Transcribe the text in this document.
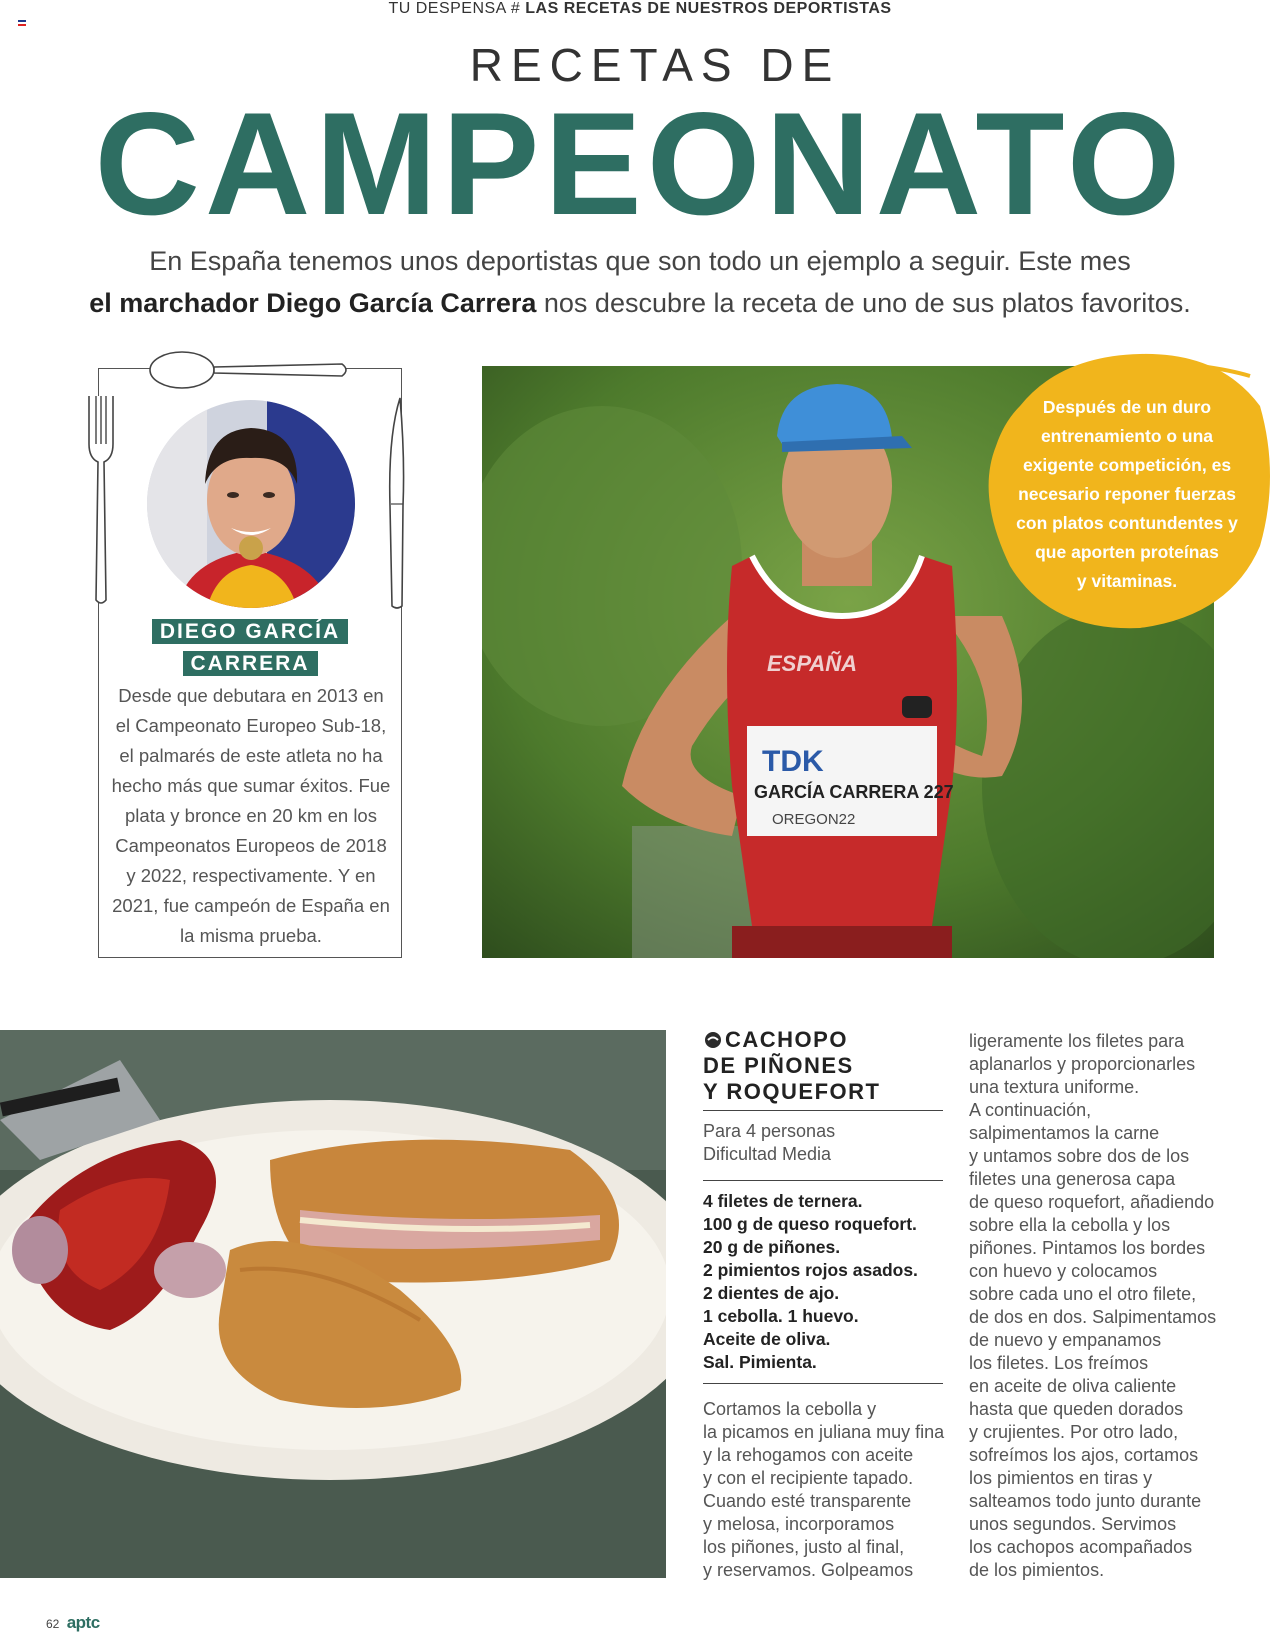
TU DESPENSA # LAS RECETAS DE NUESTROS DEPORTISTAS
RECETAS DE
CAMPEONATO
En España tenemos unos deportistas que son todo un ejemplo a seguir. Este mes
el marchador Diego García Carrera nos descubre la receta de uno de sus platos favoritos.
DIEGO GARCÍA
CARRERA
Desde que debutara en 2013 en
el Campeonato Europeo Sub-18,
el palmarés de este atleta no ha
hecho más que sumar éxitos. Fue
plata y bronce en 20 km en los
Campeonatos Europeos de 2018
y 2022, respectivamente. Y en
2021, fue campeón de España en
la misma prueba.
TDK
GARCÍA CARRERA 227
OREGON22
ESPAÑA
Después de un duro
entrenamiento o una
exigente competición, es
necesario reponer fuerzas
con platos contundentes y
que aporten proteínas
y vitaminas.
CACHOPO
DE PIÑONES
Y ROQUEFORT
Para 4 personas
Dificultad Media
4 filetes de ternera.
100 g de queso roquefort.
20 g de piñones.
2 pimientos rojos asados.
2 dientes de ajo.
1 cebolla. 1 huevo.
Aceite de oliva.
Sal. Pimienta.
Cortamos la cebolla y
la picamos en juliana muy fina
y la rehogamos con aceite
y con el recipiente tapado.
Cuando esté transparente
y melosa, incorporamos
los piñones, justo al final,
y reservamos. Golpeamos
ligeramente los filetes para
aplanarlos y proporcionarles
una textura uniforme.
A continuación,
salpimentamos la carne
y untamos sobre dos de los
filetes una generosa capa
de queso roquefort, añadiendo
sobre ella la cebolla y los
piñones. Pintamos los bordes
con huevo y colocamos
sobre cada uno el otro filete,
de dos en dos. Salpimentamos
de nuevo y empanamos
los filetes. Los freímos
en aceite de oliva caliente
hasta que queden dorados
y crujientes. Por otro lado,
sofreímos los ajos, cortamos
los pimientos en tiras y
salteamos todo junto durante
unos segundos. Servimos
los cachopos acompañados
de los pimientos.
62 aptc
